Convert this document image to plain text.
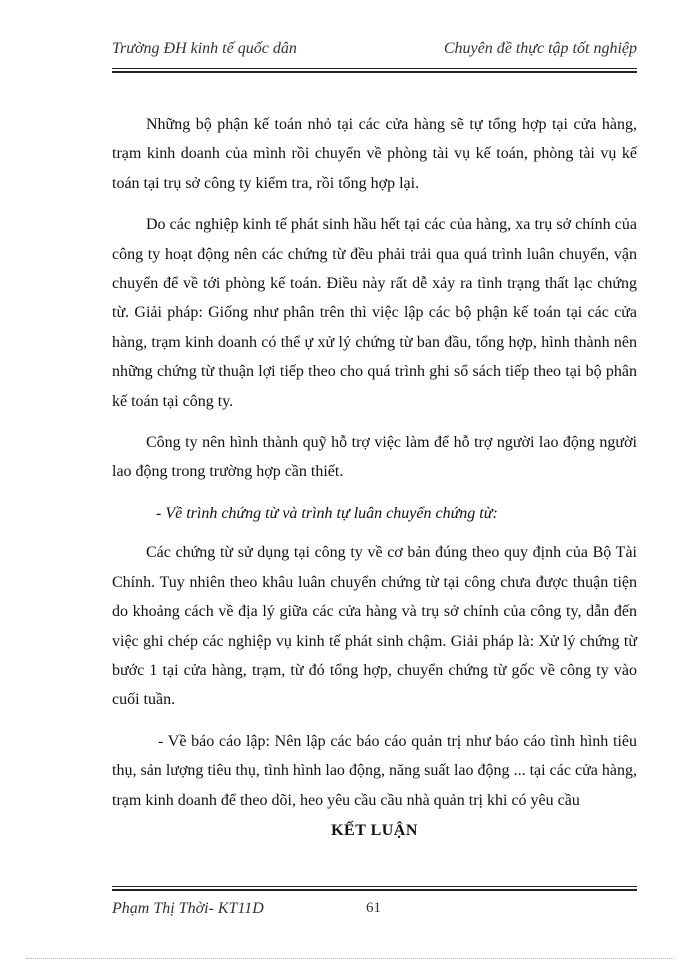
Trường ĐH kinh tế quốc dân	Chuyên đề thực tập tốt nghiệp

Những bộ phận kế toán nhỏ tại các cửa hàng sẽ tự tổng hợp tại cửa hàng, trạm kinh doanh của mình rồi chuyển về phòng tài vụ kế toán, phòng tài vụ kế toán tại trụ sở công ty kiểm tra, rồi tổng hợp lại.

Do các nghiệp kinh tế phát sinh hầu hết tại các của hàng, xa trụ sở chính của công ty hoạt động nên các chứng từ đều phải trải qua quá trình luân chuyển, vận chuyển để về tới phòng kế toán. Điều này rất dễ xảy ra tình trạng thất lạc chứng từ. Giải pháp: Giống như phân trên thì việc lập các bộ phận kế toán tại các cửa hàng, trạm kinh doanh có thể ự xử lý chứng từ ban đầu, tổng hợp, hình thành nên những chứng từ thuận lợi tiếp theo cho quá trình ghi sổ sách tiếp theo tại bộ phân kế toán tại công ty.

Công ty nên hình thành quỹ hỗ trợ việc làm để hỗ trợ người lao động người lao động trong trường hợp cần thiết.

- Về trình chứng từ và trình tự luân chuyển chứng từ:

Các chứng từ sử dụng tại công ty về cơ bản đúng theo quy định của Bộ Tài Chính. Tuy nhiên theo khâu luân chuyển chứng từ tại công chưa được thuận tiện do khoảng cách về địa lý giữa các cửa hàng và trụ sở chính của công ty, dẫn đến việc ghi chép các nghiệp vụ kinh tế phát sinh chậm. Giải pháp là: Xử lý chứng từ bước 1 tại cửa hàng, trạm, từ đó tổng hợp, chuyển chứng từ gốc về công ty vào cuối tuần.

- Về báo cáo lập: Nên lập các báo cáo quản trị như báo cáo tình hình tiêu thụ, sản lượng tiêu thụ, tình hình lao động, năng suất lao động ... tại các cửa hàng, trạm kinh doanh để theo dõi, heo yêu cầu cầu nhà quản trị khi có yêu cầu

KẾT LUẬN
Phạm Thị Thời- KT11D	61
